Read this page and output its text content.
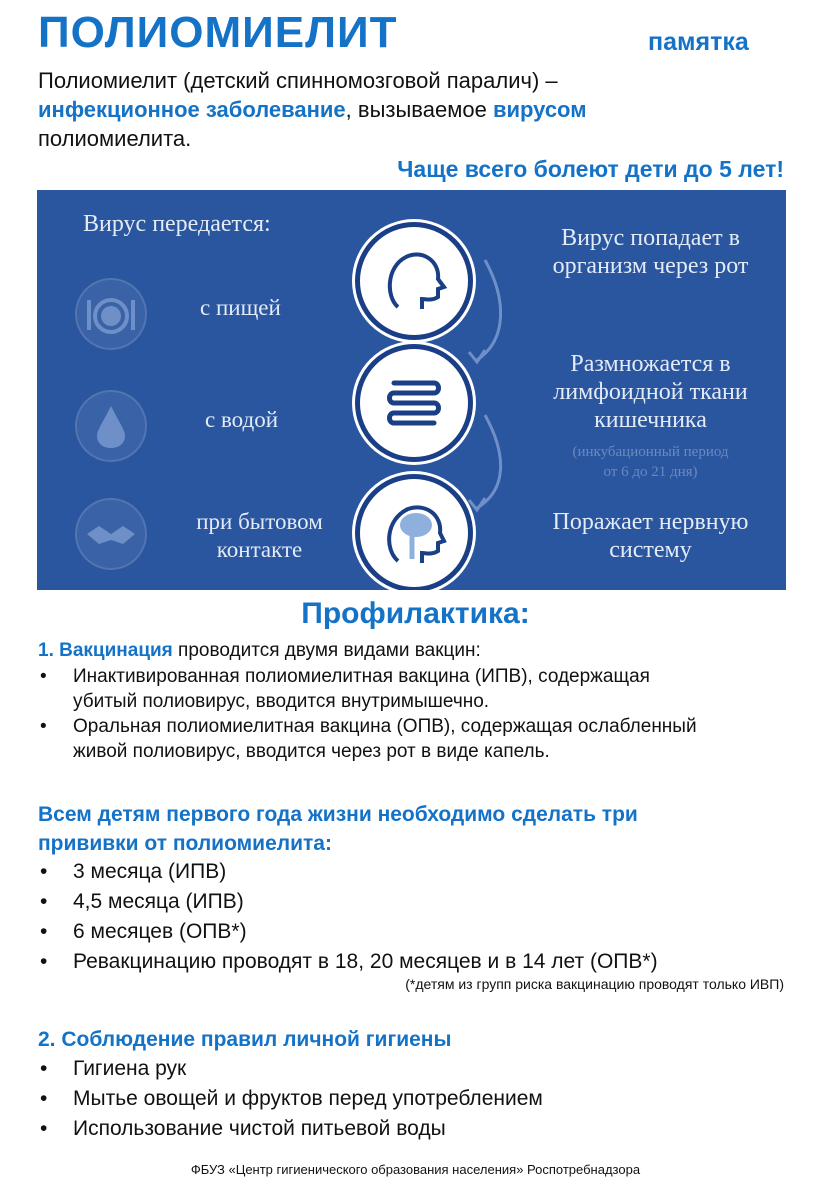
ПОЛИОМИЕЛИТ	памятка
Полиомиелит (детский спинномозговой паралич) –
инфекционное заболевание, вызываемое вирусом
полиомиелита.
Чаще всего болеют дети до 5 лет!
Вирус передается:
с пищей
с водой
при бытовом
контакте
Вирус попадает в
организм через рот
Размножается в
лимфоидной ткани
кишечника
(инкубационный период
от 6 до 21 дня)
Поражает нервную
систему
Профилактика:
1. Вакцинация проводится двумя видами вакцин:
• Инактивированная полиомиелитная вакцина (ИПВ), содержащая
убитый полиовирус, вводится внутримышечно.
• Оральная полиомиелитная вакцина (ОПВ), содержащая ослабленный
живой полиовирус, вводится через рот в виде капель.
Всем детям первого года жизни необходимо сделать три
прививки от полиомиелита:
• 3 месяца (ИПВ)
• 4,5 месяца (ИПВ)
• 6 месяцев (ОПВ*)
• Ревакцинацию проводят в 18, 20 месяцев и в 14 лет (ОПВ*)
(*детям из групп риска вакцинацию проводят только ИВП)
2. Соблюдение правил личной гигиены
• Гигиена рук
• Мытье овощей и фруктов перед употреблением
• Использование чистой питьевой воды
ФБУЗ «Центр гигиенического образования населения» Роспотребнадзора
